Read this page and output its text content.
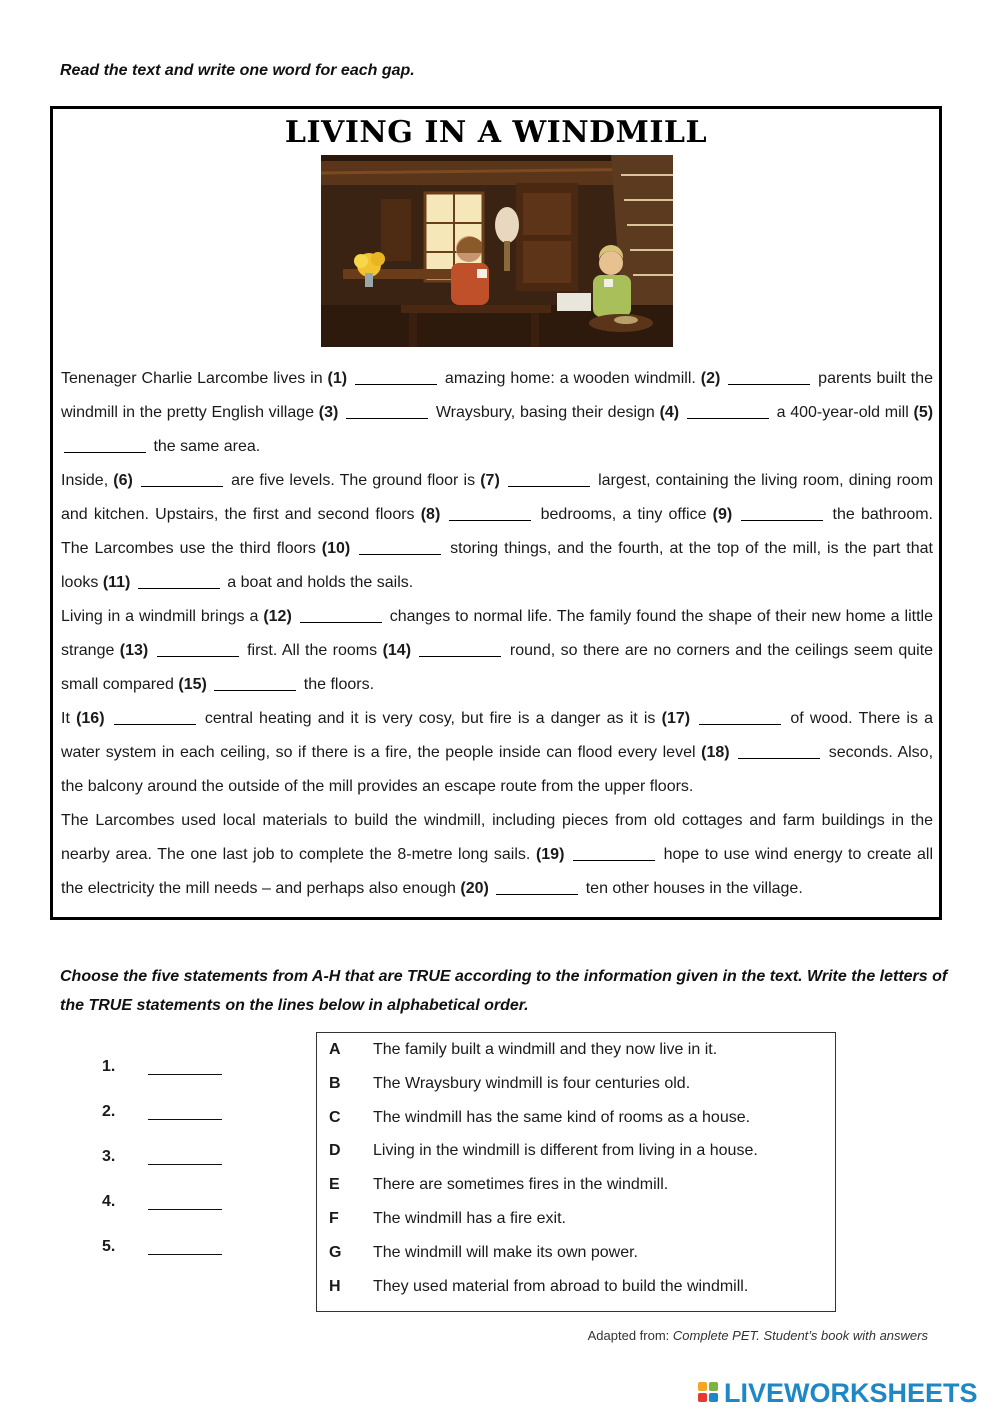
Read the text and write one word for each gap.
LIVING IN A WINDMILL

Tenenager Charlie Larcombe lives in (1)	amazing home: a wooden windmill. (2)	parents built the windmill in the pretty English village (3)	Wraysbury, basing their design (4)	a 400-year-old mill (5)  the same area.

Inside, (6)	are five levels. The ground floor is (7)	largest, containing the living room, dining room and kitchen. Upstairs, the first and second floors (8)	bedrooms, a tiny office (9)	the bathroom. The Larcombes use the third floors (10)	storing things, and the fourth, at the top of the mill, is the part that looks (11)	a boat and holds the sails.

Living in a windmill brings a (12)	changes to normal life. The family found the shape of their new home a little strange (13)	first. All the rooms (14)	round, so there are no corners and the ceilings seem quite small compared (15)	the floors.

It (16)	central heating and it is very cosy, but fire is a danger as it is (17)	of wood. There is a water system in each ceiling, so if there is a fire, the people inside can flood every level (18)	seconds. Also, the balcony around the outside of the mill provides an escape route from the upper floors.

The Larcombes used local materials to build the windmill, including pieces from old cottages and farm buildings in the nearby area. The one last job to complete the 8-metre long sails. (19)	hope to use wind energy to create all the electricity the mill needs – and perhaps also enough (20)	ten other houses in the village.

Choose the five statements from A-H that are TRUE according to the information given in the text. Write the letters of the TRUE statements on the lines below in alphabetical order.
1.
2.
3.
4.
5.
A The family built a windmill and they now live in it.
B The Wraysbury windmill is four centuries old.
C The windmill has the same kind of rooms as a house.
D Living in the windmill is different from living in a house.
E There are sometimes fires in the windmill.
F The windmill has a fire exit.
G The windmill will make its own power.
H They used material from abroad to build the windmill.
Adapted from: Complete PET. Student’s book with answers
LIVEWORKSHEETS
